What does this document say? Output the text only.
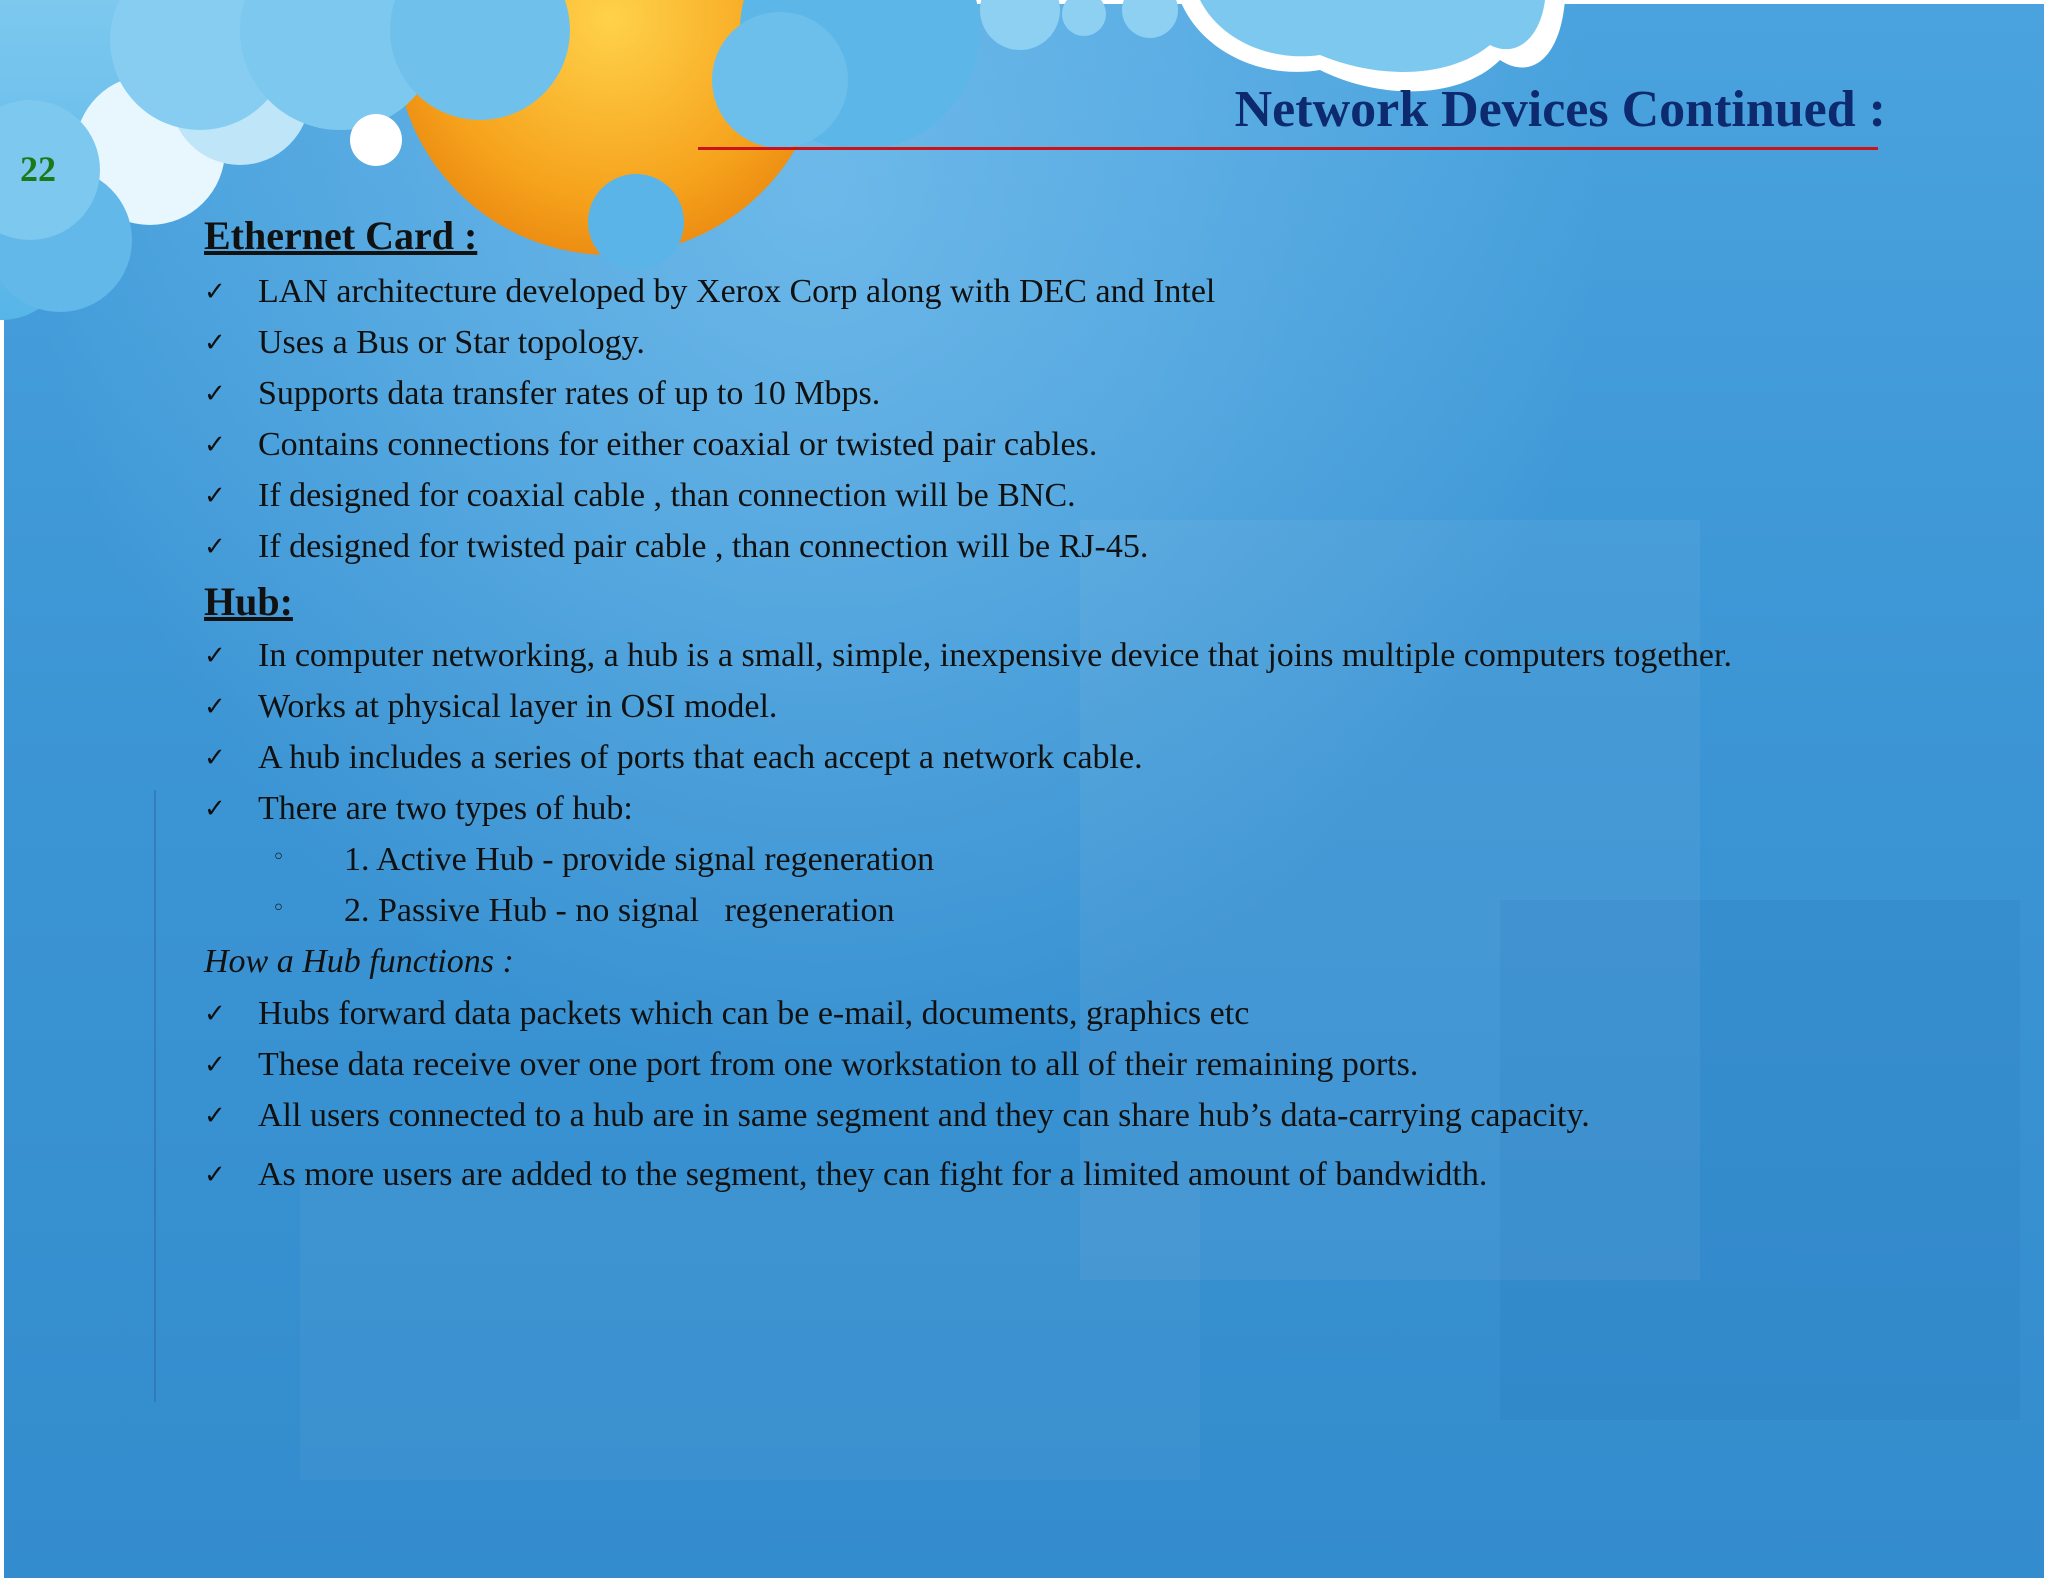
22
Network Devices Continued :
Ethernet Card :
✓ LAN architecture developed by Xerox Corp along with DEC and Intel
✓ Uses a Bus or Star topology.
✓ Supports data transfer rates of up to 10 Mbps.
✓ Contains connections for either coaxial or twisted pair cables.
✓ If designed for coaxial cable , than connection will be BNC.
✓ If designed for twisted pair cable , than connection will be RJ-45.
Hub:
✓ In computer networking, a hub is a small, simple, inexpensive device that joins multiple computers together.
✓ Works at physical layer in OSI model.
✓ A hub includes a series of ports that each accept a network cable.
✓ There are two types of hub:

◦

	1. Active Hub - provide signal regeneration

◦

	2. Passive Hub - no signal   regeneration

How a Hub functions :
✓ Hubs forward data packets which can be e-mail, documents, graphics etc
✓ These data receive over one port from one workstation to all of their remaining ports.
✓ All users connected to a hub are in same segment and they can share hub’s data-carrying capacity.
✓ As more users are added to the segment, they can fight for a limited amount of bandwidth.
